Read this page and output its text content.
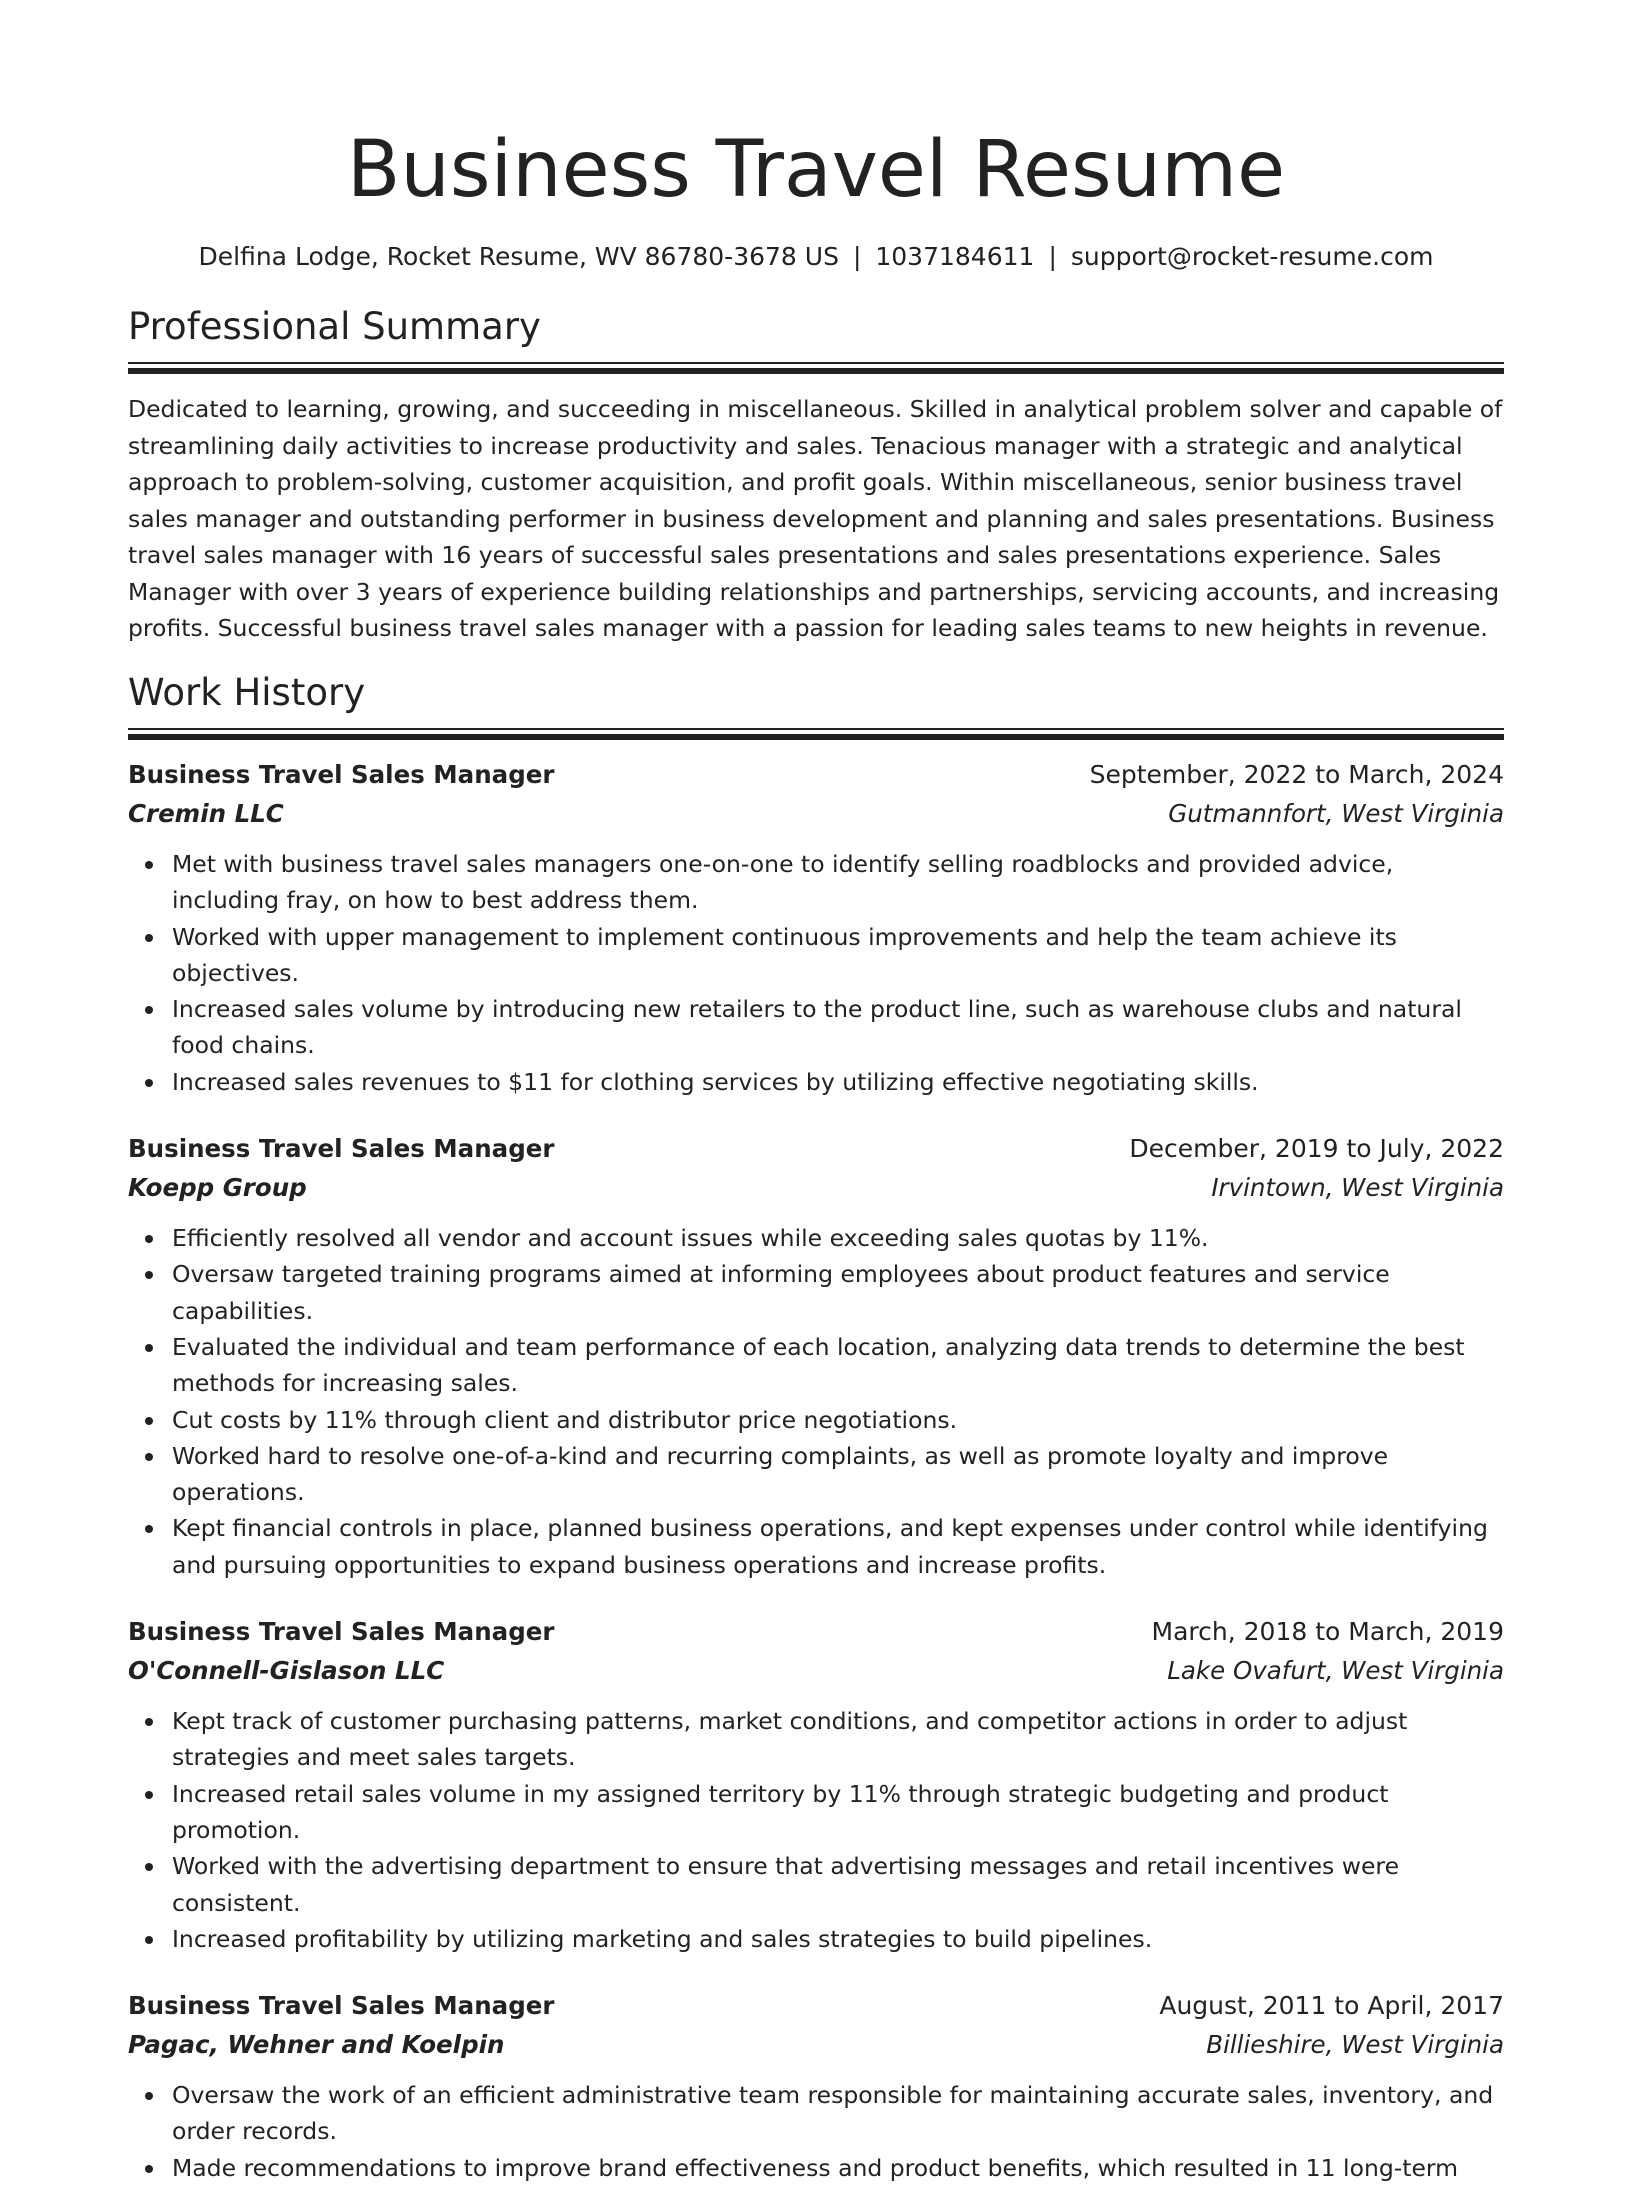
Business Travel Resume
Delfina Lodge, Rocket Resume, WV 86780-3678 US | 1037184611 | support@rocket-resume.com
Professional Summary

Dedicated to learning, growing, and succeeding in miscellaneous. Skilled in analytical problem solver and capable of streamlining daily activities to increase productivity and sales. Tenacious manager with a strategic and analytical approach to problem-solving, customer acquisition, and profit goals. Within miscellaneous, senior business travel sales manager and outstanding performer in business development and planning and sales presentations. Business travel sales manager with 16 years of successful sales presentations and sales presentations experience. Sales Manager with over 3 years of experience building relationships and partnerships, servicing accounts, and increasing profits. Successful business travel sales manager with a passion for leading sales teams to new heights in revenue.

Work History
Business Travel Sales Manager	September, 2022 to March, 2024
Cremin LLC	Gutmannfort, West Virginia
Met with business travel sales managers one-on-one to identify selling roadblocks and provided advice, including fray, on how to best address them.
Worked with upper management to implement continuous improvements and help the team achieve its objectives.
Increased sales volume by introducing new retailers to the product line, such as warehouse clubs and natural food chains.
Increased sales revenues to $11 for clothing services by utilizing effective negotiating skills.
Business Travel Sales Manager	December, 2019 to July, 2022
Koepp Group	Irvintown, West Virginia
Efficiently resolved all vendor and account issues while exceeding sales quotas by 11%.
Oversaw targeted training programs aimed at informing employees about product features and service capabilities.
Evaluated the individual and team performance of each location, analyzing data trends to determine the best methods for increasing sales.
Cut costs by 11% through client and distributor price negotiations.
Worked hard to resolve one-of-a-kind and recurring complaints, as well as promote loyalty and improve operations.
Kept financial controls in place, planned business operations, and kept expenses under control while identifying and pursuing opportunities to expand business operations and increase profits.
Business Travel Sales Manager	March, 2018 to March, 2019
O'Connell-Gislason LLC	Lake Ovafurt, West Virginia
Kept track of customer purchasing patterns, market conditions, and competitor actions in order to adjust strategies and meet sales targets.
Increased retail sales volume in my assigned territory by 11% through strategic budgeting and product promotion.
Worked with the advertising department to ensure that advertising messages and retail incentives were consistent.
Increased profitability by utilizing marketing and sales strategies to build pipelines.
Business Travel Sales Manager	August, 2011 to April, 2017
Pagac, Wehner and Koelpin	Billieshire, West Virginia
Oversaw the work of an efficient administrative team responsible for maintaining accurate sales, inventory, and order records.
Made recommendations to improve brand effectiveness and product benefits, which resulted in 11 long-term
